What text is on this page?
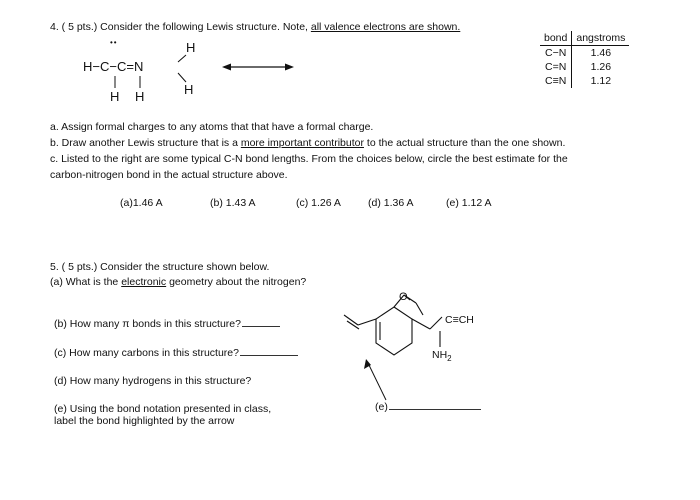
4. ( 5 pts.) Consider the following Lewis structure. Note, all valence electrons are shown.
••	H
H−C−C=N
H
H H
bond	angstroms
C−N	1.46
C=N	1.26
C≡N	1.12
a. Assign formal charges to any atoms that that have a formal charge.
b. Draw another Lewis structure that is a more important contributor to the actual structure than the one shown.
c. Listed to the right are some typical C-N bond lengths. From the choices below, circle the best estimate for the
carbon-nitrogen bond in the actual structure above.
(a)1.46 A	(b) 1.43 A	(c) 1.26 A	(d) 1.36 A	(e) 1.12 A
5. ( 5 pts.) Consider the structure shown below.
(a) What is the electronic geometry about the nitrogen?
(b) How many π bonds in this structure?
(c) How many carbons in this structure?
(d) How many hydrogens in this structure?
(e) Using the bond notation presented in class,
label the bond highlighted by the arrow
O
C≡CH
$NH_2$
(e)
